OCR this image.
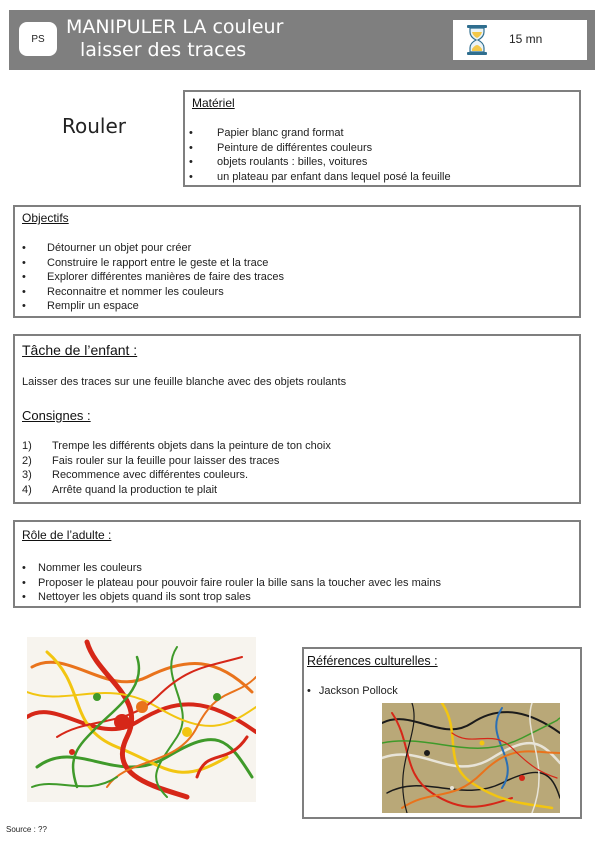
PS
MANIPULER LA couleur
laisser des traces	15 mn
Rouler
Matériel
• Papier blanc grand format
• Peinture de différentes couleurs
• objets roulants : billes, voitures
• un plateau par enfant dans lequel posé la feuille
Objectifs
• Détourner un objet pour créer
• Construire le rapport entre le geste et la trace
• Explorer différentes manières de faire des traces
• Reconnaitre et nommer les couleurs
• Remplir un espace
Tâche de l’enfant :
Laisser des traces sur une feuille blanche avec des objets roulants
Consignes :
1) Trempe les différents objets dans la peinture de ton choix
2) Fais rouler sur la feuille pour laisser des traces
3) Recommence avec différentes couleurs.
4) Arrête quand la production te plait
Rôle de l’adulte :
• Nommer les couleurs
• Proposer le plateau pour pouvoir faire rouler la bille sans la toucher avec les mains
• Nettoyer les objets quand ils sont trop sales
Références culturelles :
• Jackson Pollock
Source : ??
